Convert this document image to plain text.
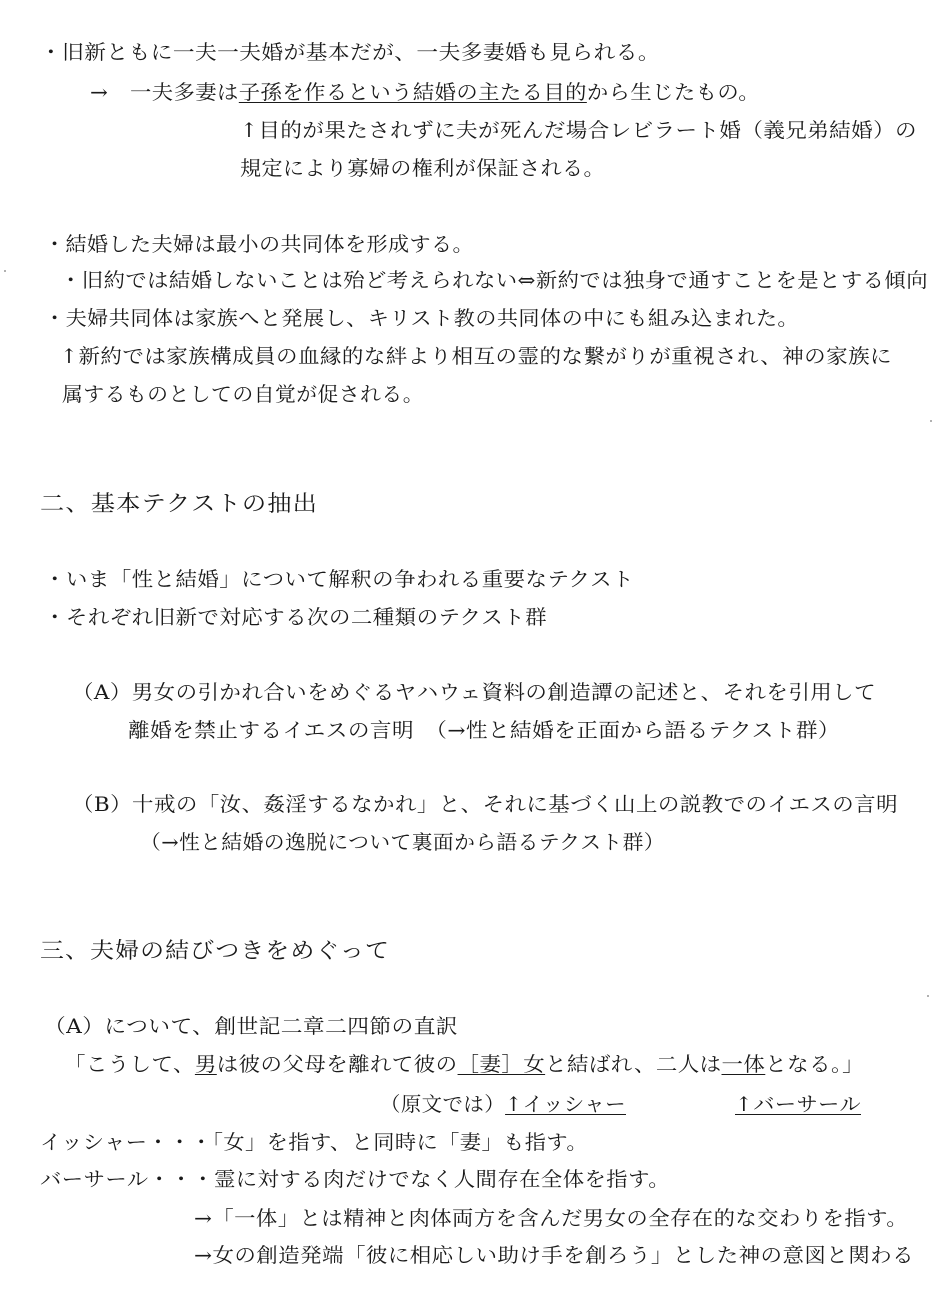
・旧新ともに一夫一夫婚が基本だが、一夫多妻婚も見られる。
→　一夫多妻は子孫を作るという結婚の主たる目的から生じたもの。
↑目的が果たされずに夫が死んだ場合レビラート婚（義兄弟結婚）の
規定により寡婦の権利が保証される。
・結婚した夫婦は最小の共同体を形成する。
・旧約では結婚しないことは殆ど考えられない⇔新約では独身で通すことを是とする傾向
・夫婦共同体は家族へと発展し、キリスト教の共同体の中にも組み込まれた。
↑新約では家族構成員の血縁的な絆より相互の霊的な繋がりが重視され、神の家族に
属するものとしての自覚が促される。
二、基本テクストの抽出
・いま「性と結婚」について解釈の争われる重要なテクスト
・それぞれ旧新で対応する次の二種類のテクスト群
（A）男女の引かれ合いをめぐるヤハウェ資料の創造譚の記述と、それを引用して
離婚を禁止するイエスの言明　（→性と結婚を正面から語るテクスト群）
（B）十戒の「汝、姦淫するなかれ」と、それに基づく山上の説教でのイエスの言明
（→性と結婚の逸脱について裏面から語るテクスト群）
三、夫婦の結びつきをめぐって
（A）について、創世記二章二四節の直訳
「こうして、男は彼の父母を離れて彼の［妻］女と結ばれ、二人は一体となる。」
（原文では）↑イッシャー	↑バーサール
イッシャー・・・「女」を指す、と同時に「妻」も指す。
バーサール・・・霊に対する肉だけでなく人間存在全体を指す。
→「一体」とは精神と肉体両方を含んだ男女の全存在的な交わりを指す。
→女の創造発端「彼に相応しい助け手を創ろう」とした神の意図と関わる
